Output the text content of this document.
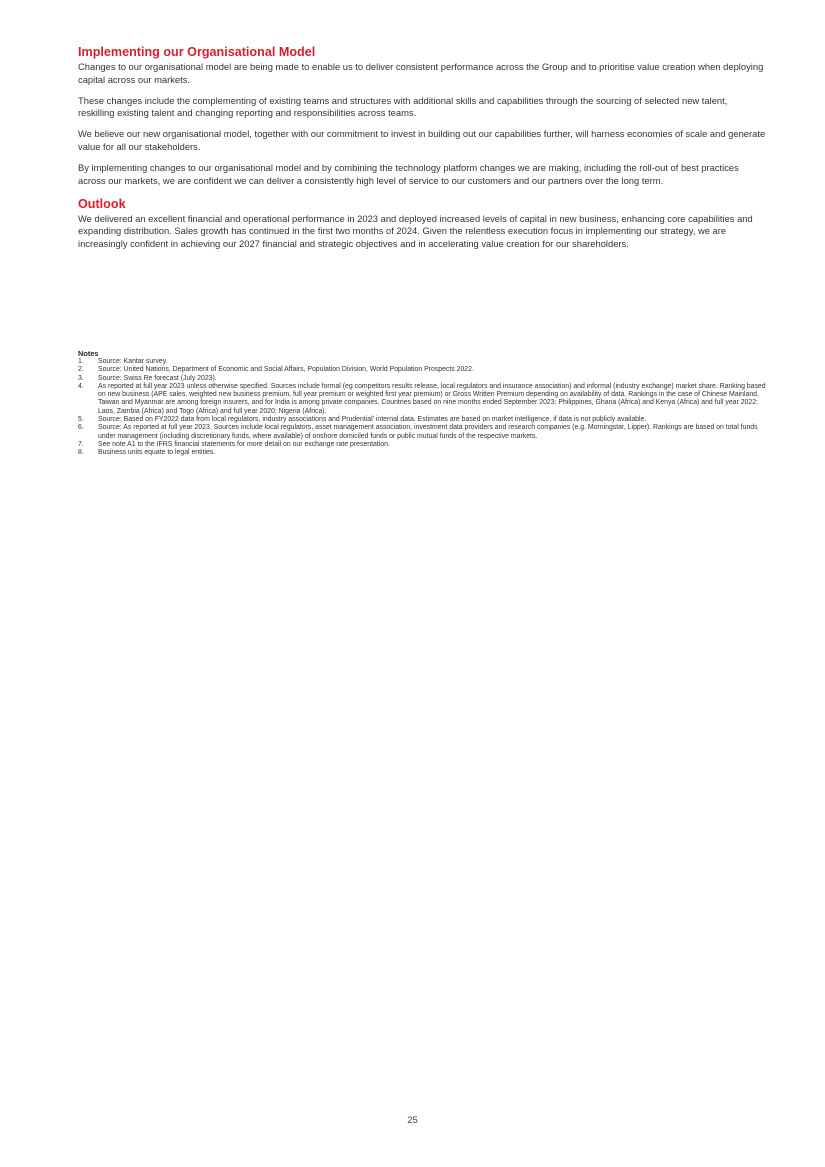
Implementing our Organisational Model

Changes to our organisational model are being made to enable us to deliver consistent performance across the Group and to prioritise value creation when deploying capital across our markets.

These changes include the complementing of existing teams and structures with additional skills and capabilities through the sourcing of selected new talent, reskilling existing talent and changing reporting and responsibilities across teams.

We believe our new organisational model, together with our commitment to invest in building out our capabilities further, will harness economies of scale and generate value for all our stakeholders.

By implementing changes to our organisational model and by combining the technology platform changes we are making, including the roll-out of best practices across our markets, we are confident we can deliver a consistently high level of service to our customers and our partners over the long term.

Outlook

We delivered an excellent financial and operational performance in 2023 and deployed increased levels of capital in new business, enhancing core capabilities and expanding distribution. Sales growth has continued in the first two months of 2024. Given the relentless execution focus in implementing our strategy, we are increasingly confident in achieving our 2027 financial and strategic objectives and in accelerating value creation for our shareholders.

Notes
1.	Source: Kantar survey.
2.	Source: United Nations, Department of Economic and Social Affairs, Population Division, World Population Prospects 2022.
3.	Source: Swiss Re forecast (July 2023).
4.	As reported at full year 2023 unless otherwise specified. Sources include formal (eg competitors results release, local regulators and insurance association) and informal (industry exchange) market share. Ranking based on new business (APE sales, weighted new business premium, full year premium or weighted first year premium) or Gross Written Premium depending on availability of data. Rankings in the case of Chinese Mainland, Taiwan and Myanmar are among foreign insurers, and for India is among private companies. Countries based on nine months ended September 2023: Philippines, Ghana (Africa) and Kenya (Africa) and full year 2022: Laos, Zambia (Africa) and Togo (Africa) and full year 2020: Nigeria (Africa).
5.	Source: Based on FY2022 data from local regulators, industry associations and Prudential' internal data. Estimates are based on market intelligence, if data is not publicly available.
6.	Source: As reported at full year 2023. Sources include local regulators, asset management association, investment data providers and research companies (e.g. Morningstar, Lipper). Rankings are based on total funds under management (including discretionary funds, where available) of onshore domiciled funds or public mutual funds of the respective markets.
7.	See note A1 to the IFRS financial statements for more detail on our exchange rate presentation.
8.	Business units equate to legal entities.
25
